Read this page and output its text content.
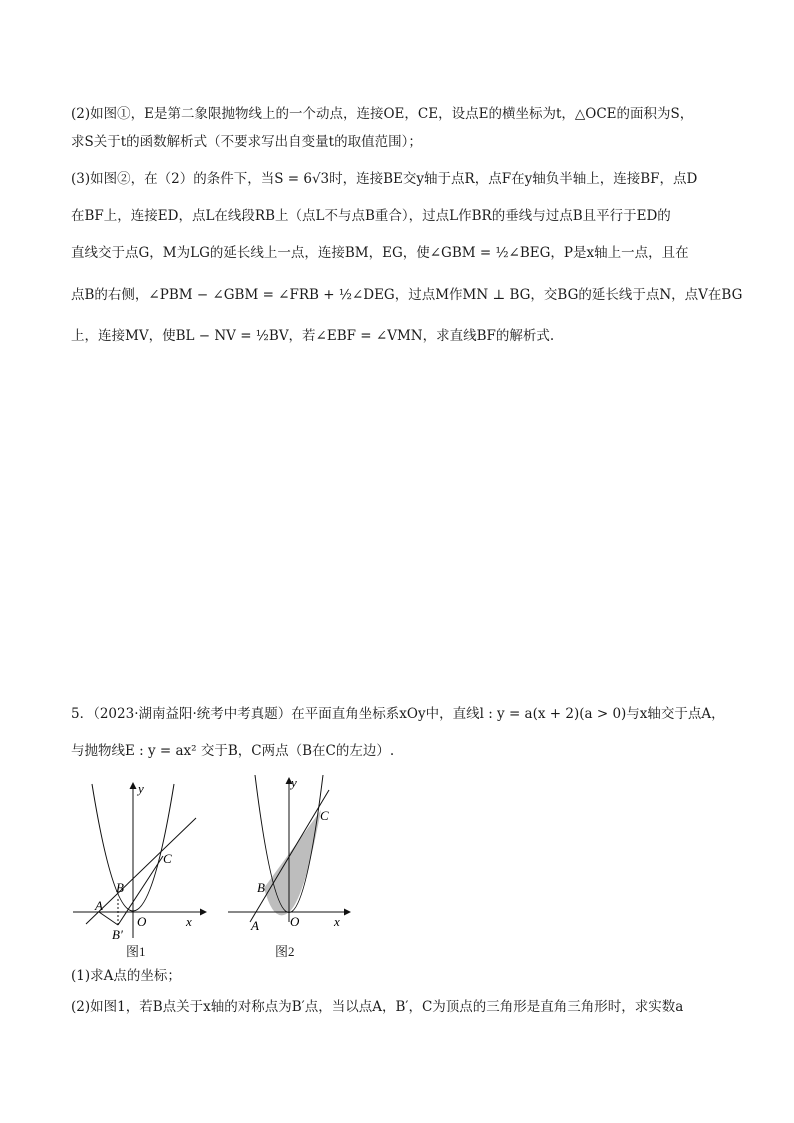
(2)如图①，E是第二象限抛物线上的一个动点，连接OE，CE，设点E的横坐标为t，△OCE的面积为S，
求S关于t的函数解析式（不要求写出自变量t的取值范围）；
(3)如图②，在（2）的条件下，当S = 6√3时，连接BE交y轴于点R，点F在y轴负半轴上，连接BF，点D
在BF上，连接ED，点L在线段RB上（点L不与点B重合），过点L作BR的垂线与过点B且平行于ED的
直线交于点G，M为LG的延长线上一点，连接BM，EG，使∠GBM = ½∠BEG，P是x轴上一点，且在
点B的右侧，∠PBM − ∠GBM = ∠FRB + ½∠DEG，过点M作MN ⊥ BG，交BG的延长线于点N，点V在BG
上，连接MV，使BL − NV = ½BV，若∠EBF = ∠VMN，求直线BF的解析式.
5．（2023·湖南益阳·统考中考真题）在平面直角坐标系xOy中，直线l : y = a(x + 2)(a > 0)与x轴交于点A，
与抛物线E : y = ax² 交于B，C两点（B在C的左边）.
y
x
O
A
B
C
B′
图1
y
x
O
A
B
C
图2
(1)求A点的坐标；
(2)如图1，若B点关于x轴的对称点为B′点，当以点A，B′，C为顶点的三角形是直角三角形时，求实数a
